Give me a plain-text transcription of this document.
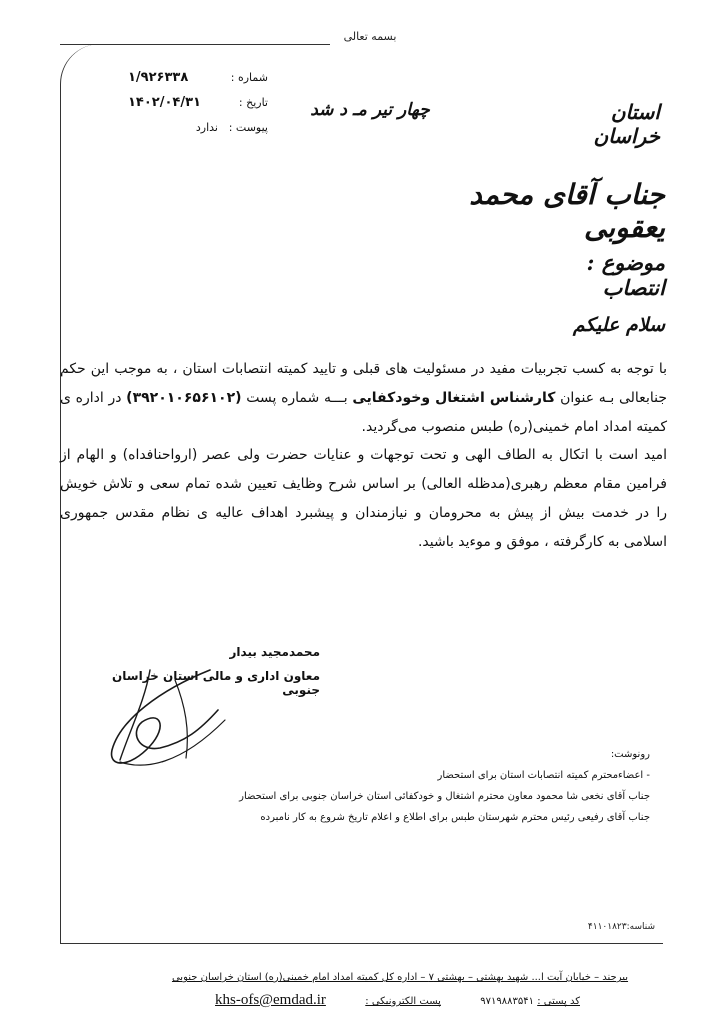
بسمه تعالی
شماره :
۱/۹۲۶۳۳۸
تاریخ :
۱۴۰۲/۰۴/۳۱
پیوست :
ندارد
استان خراسان
چهار تیر مـ د شد
جناب آقای محمد یعقوبی
موضوع : انتصاب
سلام علیکم

با توجه به کسب تجربیات مفید در مسئولیت های قبلی و تایید کمیته انتصابات استان ، به موجب این حکم جنابعالی بـه عنوان کارشناس اشتغال وخودکفایی بـــه شماره پست (۳۹۲۰۱۰۶۵۶۱۰۲) در اداره ی کمیته امداد امام خمینی(ره) طبس منصوب می‌گردید.

امید است با اتکال به الطاف الهی و تحت توجهات و عنایات حضرت ولی عصر (ارواحنافداه) و الهام از فرامین مقام معظم رهبری(مدظله العالی) بر اساس شرح وظایف تعیین شده تمام سعی و تلاش خویش را در خدمت بیش از پیش به محرومان و نیازمندان و پیشبرد اهداف عالیه ی نظام مقدس جمهوری اسلامی به کارگرفته ، موفق و موءید باشید.

محمدمجید بیدار
معاون اداری و مالی استان خراسان جنوبی

رونوشت:

- اعضاءمحترم کمیته انتصابات استان برای استحضار

جناب آقای نخعی شا محمود معاون محترم اشتغال و خودکفائی استان خراسان جنوبی برای استحضار

جناب آقای رفیعی رئیس محترم شهرستان طبس برای اطلاع و اعلام تاریخ شروع به کار نامبرده

شناسه:۴۱۱۰۱۸۲۳
بیرجند – خیابان آیت ا... شهید بهشتی – بهشتی ۷ – اداره کل کمیته امداد امام خمینی(ره) استان خراسان جنوبی
کد پستی : ۹۷۱۹۸۸۳۵۴۱
پست الکترونیکی :
khs-ofs@emdad.ir
